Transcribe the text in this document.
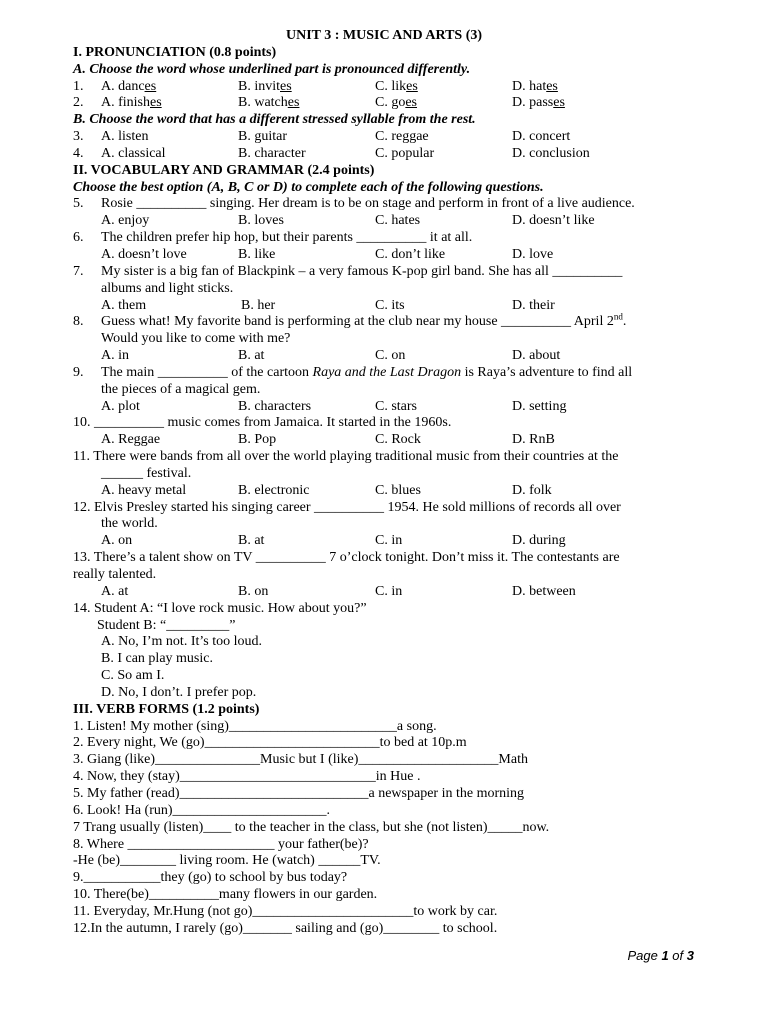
UNIT 3 : MUSIC AND ARTS (3)
I. PRONUNCIATION (0.8 points)
A. Choose the word whose underlined part is pronounced differently.
1. A. dances	B. invites	C. likes	D. hates
2. A. finishes	B. watches	C. goes	D. passes
B. Choose the word that has a different stressed syllable from the rest.
3. A. listen	B. guitar	C. reggae	D. concert
4. A. classical	B. character	C. popular	D. conclusion
II. VOCABULARY AND GRAMMAR (2.4 points)
Choose the best option (A, B, C or D) to complete each of the following questions.
5. Rosie __________ singing. Her dream is to be on stage and perform in front of a live audience.
A. enjoy	B. loves	C. hates	D. doesn’t like
6. The children prefer hip hop, but their parents __________ it at all.
A. doesn’t love	B. like	C. don’t like	D. love
7. My sister is a big fan of Blackpink – a very famous K-pop girl band. She has all __________
albums and light sticks.
A. them	B. her	C. its	D. their
8. Guess what! My favorite band is performing at the club near my house __________ April 2nd.
Would you like to come with me?
A. in	B. at	C. on	D. about
9. The main __________ of the cartoon Raya and the Last Dragon is Raya’s adventure to find all
the pieces of a magical gem.
A. plot	B. characters	C. stars	D. setting
10. __________ music comes from Jamaica. It started in the 1960s.
A. Reggae	B. Pop	C. Rock	D. RnB
11. There were bands from all over the world playing traditional music from their countries at the
______ festival.
A. heavy metal	B. electronic	C. blues	D. folk
12. Elvis Presley started his singing career __________ 1954. He sold millions of records all over
the world.
A. on	B. at	C. in	D. during
13. There’s a talent show on TV __________ 7 o’clock tonight. Don’t miss it. The contestants are
really talented.
A. at	B. on	C. in	D. between
14. Student A: “I love rock music. How about you?”
Student B: “_________”
A. No, I’m not. It’s too loud.
B. I can play music.
C. So am I.
D. No, I don’t. I prefer pop.
III. VERB FORMS (1.2 points)
1. Listen! My mother (sing)________________________a song.
2. Every night, We (go)_________________________to bed at 10p.m
3. Giang (like)_______________Music but I (like)____________________Math
4. Now, they (stay)____________________________in Hue .
5. My father (read)___________________________a newspaper in the morning
6. Look! Ha (run)______________________.
7 Trang usually (listen)____ to the teacher in the class, but she (not listen)_____now.
8. Where _____________________ your father(be)?
-He (be)________ living room. He (watch) ______TV.
9.___________they (go) to school by bus today?
10. There(be)__________many flowers in our garden.
11. Everyday, Mr.Hung (not go)_______________________to work by car.
12.In the autumn, I rarely (go)_______ sailing and (go)________ to school.
Page 1 of 3
